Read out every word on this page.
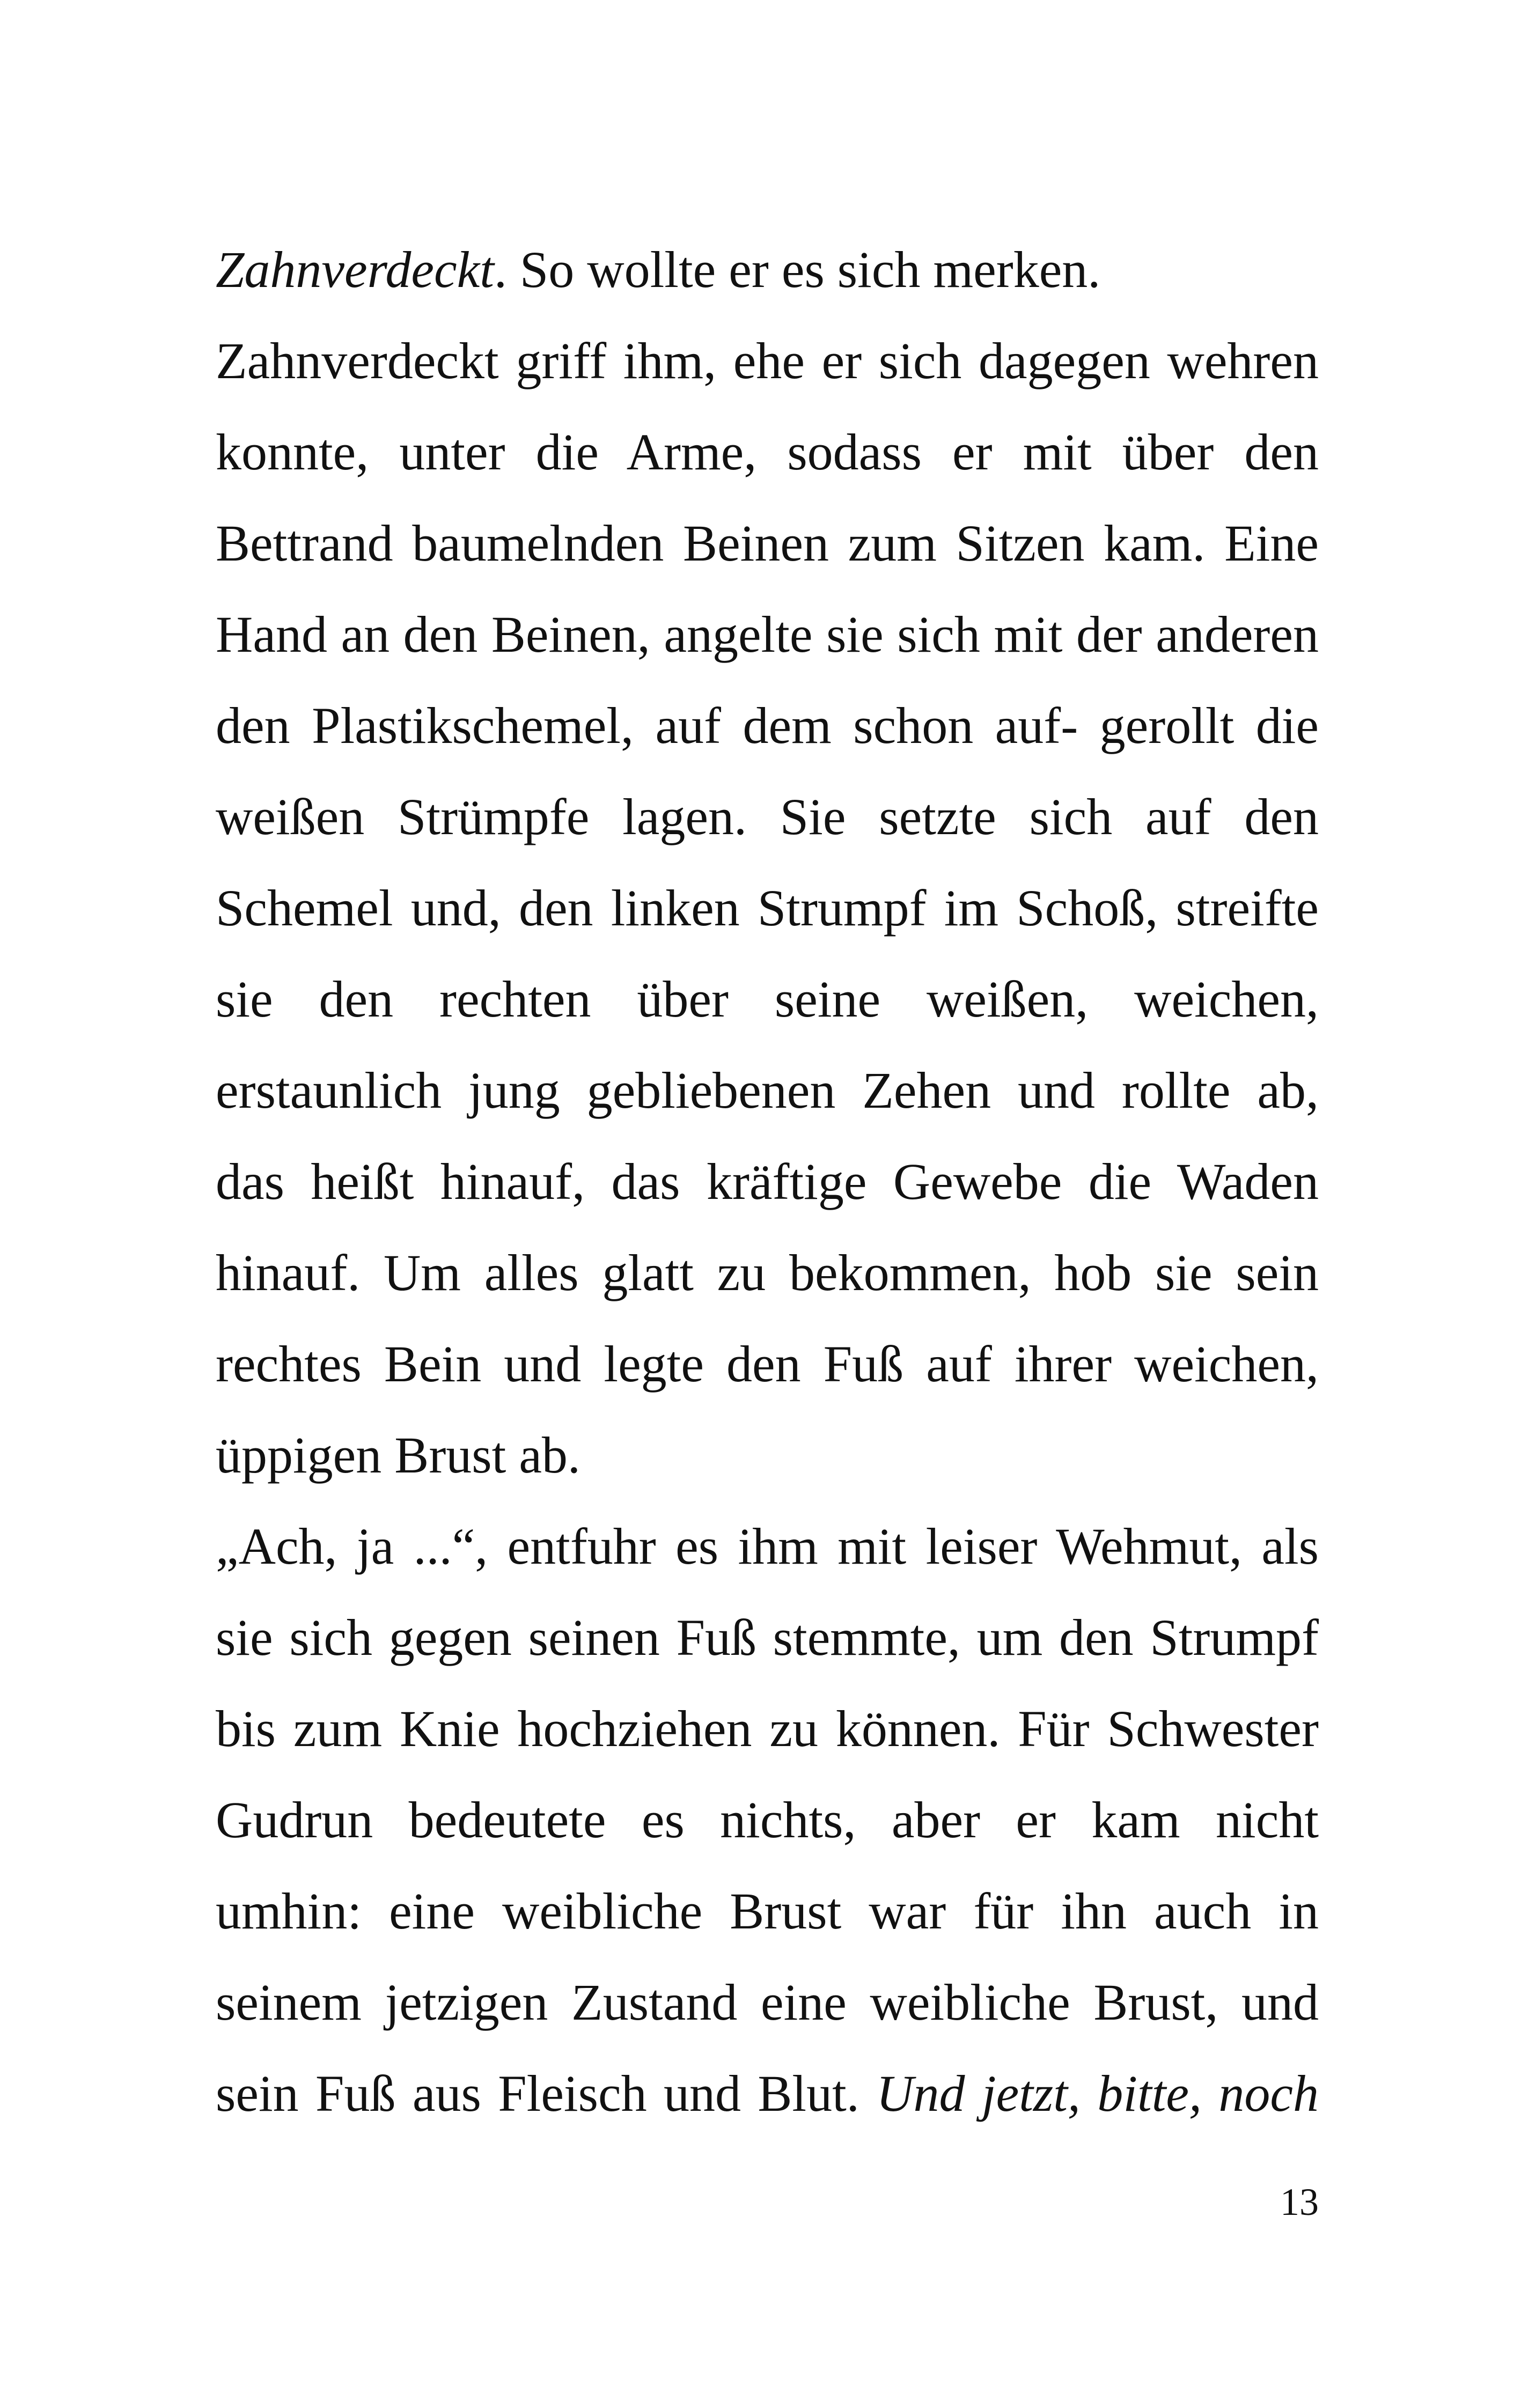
Zahnverdeckt. So wollte er es sich merken.
Zahnverdeckt griff ihm, ehe er sich dagegen wehren
konnte, unter die Arme, sodass er mit über den
Bettrand baumelnden Beinen zum Sitzen kam. Eine
Hand an den Beinen, angelte sie sich mit der anderen
den Plastikschemel, auf dem schon auf- gerollt die
weißen Strümpfe lagen. Sie setzte sich auf den
Schemel und, den linken Strumpf im Schoß, streifte
sie den rechten über seine weißen, weichen,
erstaunlich jung gebliebenen Zehen und rollte ab,
das heißt hinauf, das kräftige Gewebe die Waden
hinauf. Um alles glatt zu bekommen, hob sie sein
rechtes Bein und legte den Fuß auf ihrer weichen,
üppigen Brust ab.
„Ach, ja ...“, entfuhr es ihm mit leiser Wehmut, als
sie sich gegen seinen Fuß stemmte, um den Strumpf
bis zum Knie hochziehen zu können. Für Schwester
Gudrun bedeutete es nichts, aber er kam nicht
umhin: eine weibliche Brust war für ihn auch in
seinem jetzigen Zustand eine weibliche Brust, und
sein Fuß aus Fleisch und Blut. Und jetzt, bitte, noch
13
